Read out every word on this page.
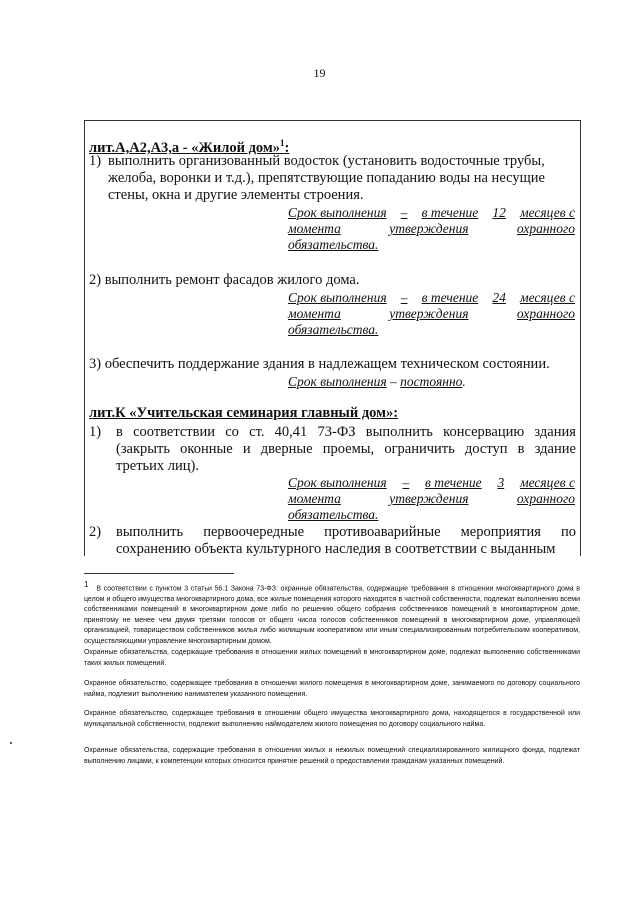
19
лит.А,А2,А3,а - «Жилой дом»$^1$:
1) выполнить организованный водосток (установить водосточные трубы,
желоба, воронки и т.д.), препятствующие попаданию воды на несущие
стены, окна и другие элементы строения.
Срок выполнения – в течение 12 месяцев с
момента	утверждения	охранного
обязательства.
2) выполнить ремонт фасадов жилого дома.
Срок выполнения – в течение 24 месяцев с
момента	утверждения	охранного
обязательства.
3) обеспечить поддержание здания в надлежащем техническом состоянии.
Срок выполнения – постоянно.
лит.К «Учительская семинария главный дом»:
1) в соответствии со ст. 40,41 73-ФЗ выполнить консервацию здания
(закрыть оконные и дверные проемы, ограничить доступ в здание
третьих лиц).
Срок выполнения – в течение 3 месяцев с
момента	утверждения	охранного
обязательства.
2) выполнить первоочередные противоаварийные мероприятия по
сохранению объекта культурного наследия в соответствии с выданным
$^1$ В соответствии с пунктом 3 статьи 56.1 Закона 73-ФЗ: охранные обязательства, содержащие требования в отношении многоквартирного дома в целом и общего имущества многоквартирного дома, все жилые помещения которого находятся в частной собственности, подлежат выполнению всеми собственниками помещений в многоквартирном доме либо по решению общего собрания собственников помещений в многоквартирном доме, принятому не менее чем двумя третями голосов от общего числа голосов собственников помещений в многоквартирном доме, управляющей организацией, товариществом собственников жилья либо жилищным кооперативом или иным специализированным потребительским кооперативом, осуществляющими управление многоквартирным домом.
Охранные обязательства, содержащие требования в отношении жилых помещений в многоквартирном доме, подлежат выполнению собственниками таких жилых помещений.
Охранное обязательство, содержащее требования в отношении жилого помещения в многоквартирном доме, занимаемого по договору социального найма, подлежит выполнению нанимателем указанного помещения.
Охранное обязательство, содержащее требования в отношении общего имущества многоквартирного дома, находящегося в государственной или муниципальной собственности, подлежит выполнению наймодателем жилого помещения по договору социального найма.
Охранные обязательства, содержащие требования в отношении жилых и нежилых помещений специализированного жилищного фонда, подлежат выполнению лицами, к компетенции которых относится принятие решений о предоставлении гражданам указанных помещений.
